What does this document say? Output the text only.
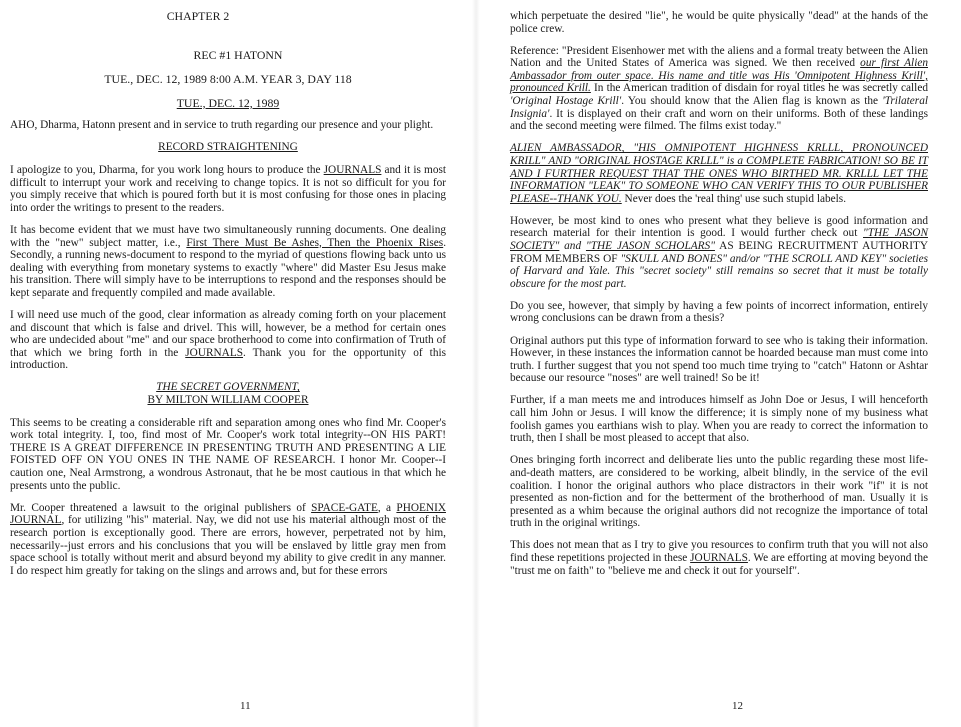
CHAPTER 2
REC #1 HATONN
TUE., DEC. 12, 1989 8:00 A.M. YEAR 3, DAY 118
TUE., DEC. 12, 1989

AHO, Dharma, Hatonn present and in service to truth regarding our presence and your plight.

RECORD STRAIGHTENING

I apologize to you, Dharma, for you work long hours to produce the JOURNALS and it is most difficult to interrupt your work and receiving to change topics. It is not so difficult for you for you simply receive that which is poured forth but it is most confusing for those ones in placing into order the writings to present to the readers.

It has become evident that we must have two simultaneously running documents. One dealing with the "new" subject matter, i.e., First There Must Be Ashes, Then the Phoenix Rises. Secondly, a running news-document to respond to the myriad of questions flowing back unto us dealing with everything from monetary systems to exactly "where" did Master Esu Jesus make his transition. There will simply have to be interruptions to respond and the responses should be kept separate and frequently compiled and made available.

I will need use much of the good, clear information as already coming forth on your placement and discount that which is false and drivel. This will, however, be a method for certain ones who are undecided about "me" and our space brotherhood to come into confirmation of Truth of that which we bring forth in the JOURNALS. Thank you for the opportunity of this introduction.

THE SECRET GOVERNMENT,
BY MILTON WILLIAM COOPER

This seems to be creating a considerable rift and separation among ones who find Mr. Cooper's work total integrity. I, too, find most of Mr. Cooper's work total integrity--ON HIS PART! THERE IS A GREAT DIFFERENCE IN PRESENTING TRUTH AND PRESENTING A LIE FOISTED OFF ON YOU ONES IN THE NAME OF RESEARCH. I honor Mr. Cooper--I caution one, Neal Armstrong, a wondrous Astronaut, that he be most cautious in that which he presents unto the public.

Mr. Cooper threatened a lawsuit to the original publishers of SPACE-GATE, a PHOENIX JOURNAL, for utilizing "his" material. Nay, we did not use his material although most of the research portion is exceptionally good. There are errors, however, perpetrated not by him, necessarily--just errors and his conclusions that you will be enslaved by little gray men from space school is totally without merit and absurd beyond my ability to give credit in any manner. I do respect him greatly for taking on the slings and arrows and, but for these errors

11

which perpetuate the desired "lie", he would be quite physically "dead" at the hands of the police crew.

Reference: "President Eisenhower met with the aliens and a formal treaty between the Alien Nation and the United States of America was signed. We then received our first Alien Ambassador from outer space. His name and title was His 'Omnipotent Highness Krill', pronounced Krill. In the American tradition of disdain for royal titles he was secretly called 'Original Hostage Krill'. You should know that the Alien flag is known as the 'Trilateral Insignia'. It is displayed on their craft and worn on their uniforms. Both of these landings and the second meeting were filmed. The films exist today."

ALIEN AMBASSADOR, "HIS OMNIPOTENT HIGHNESS KRLLL, PRONOUNCED KRILL" AND "ORIGINAL HOSTAGE KRLLL" is a COMPLETE FABRICATION! SO BE IT AND I FURTHER REQUEST THAT THE ONES WHO BIRTHED MR. KRLLL LET THE INFORMATION "LEAK" TO SOMEONE WHO CAN VERIFY THIS TO OUR PUBLISHER PLEASE--THANK YOU. Never does the 'real thing' use such stupid labels.

However, be most kind to ones who present what they believe is good information and research material for their intention is good. I would further check out "THE JASON SOCIETY" and "THE JASON SCHOLARS" AS BEING RECRUITMENT AUTHORITY FROM MEMBERS OF "SKULL AND BONES" and/or "THE SCROLL AND KEY" societies of Harvard and Yale. This "secret society" still remains so secret that it must be totally obscure for the most part.

Do you see, however, that simply by having a few points of incorrect information, entirely wrong conclusions can be drawn from a thesis?

Original authors put this type of information forward to see who is taking their information. However, in these instances the information cannot be hoarded because man must come into truth. I further suggest that you not spend too much time trying to "catch" Hatonn or Ashtar because our resource "noses" are well trained! So be it!

Further, if a man meets me and introduces himself as John Doe or Jesus, I will henceforth call him John or Jesus. I will know the difference; it is simply none of my business what foolish games you earthians wish to play. When you are ready to correct the information to truth, then I shall be most pleased to accept that also.

Ones bringing forth incorrect and deliberate lies unto the public regarding these most life-and-death matters, are considered to be working, albeit blindly, in the service of the evil coalition. I honor the original authors who place distractors in their work "if" it is not presented as non-fiction and for the betterment of the brotherhood of man. Usually it is presented as a whim because the original authors did not recognize the importance of total truth in the original writings.

This does not mean that as I try to give you resources to confirm truth that you will not also find these repetitions projected in these JOURNALS. We are efforting at moving beyond the "trust me on faith" to "believe me and check it out for yourself".

12
